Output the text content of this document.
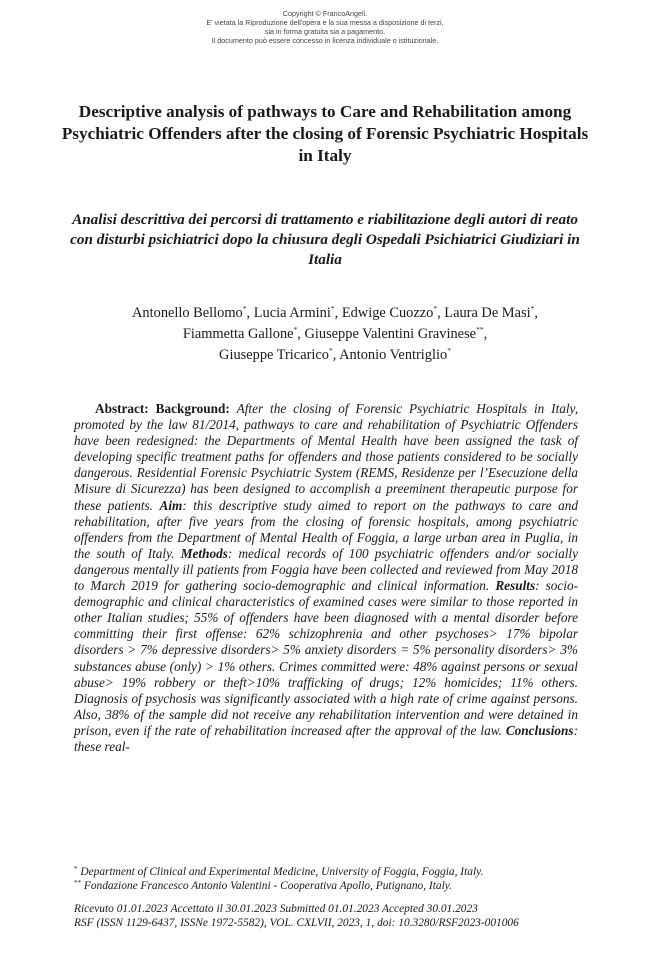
Copyright © FrancoAngeli.
E' vietata la Riproduzione dell'opera e la sua messa a disposizione di terzi,
sia in forma gratuita sia a pagamento.
Il documento può essere concesso in licenza individuale o istituzionale.
Descriptive analysis of pathways to Care and Rehabilitation among Psychiatric Offenders after the closing of Forensic Psychiatric Hospitals in Italy
Analisi descrittiva dei percorsi di trattamento e riabilitazione degli autori di reato con disturbi psichiatrici dopo la chiusura degli Ospedali Psichiatrici Giudiziari in Italia
Antonello Bellomo*, Lucia Armini*, Edwige Cuozzo*, Laura De Masi*,
Fiammetta Gallone*, Giuseppe Valentini Gravinese**,
Giuseppe Tricarico*, Antonio Ventriglio*

Abstract: Background: After the closing of Forensic Psychiatric Hospitals in Italy, promoted by the law 81/2014, pathways to care and rehabilitation of Psychiatric Offenders have been redesigned: the Departments of Mental Health have been assigned the task of developing specific treatment paths for offenders and those patients considered to be socially dangerous. Residential Forensic Psychiatric System (REMS, Residenze per l’Esecuzione della Misure di Sicurezza) has been designed to accomplish a preeminent therapeutic purpose for these patients. Aim: this descriptive study aimed to report on the pathways to care and rehabilitation, after five years from the closing of forensic hospitals, among psychiatric offenders from the Department of Mental Health of Foggia, a large urban area in Puglia, in the south of Italy. Methods: medical records of 100 psychiatric offenders and/or socially dangerous mentally ill patients from Foggia have been collected and reviewed from May 2018 to March 2019 for gathering socio-demographic and clinical information. Results: socio-demographic and clinical characteristics of examined cases were similar to those reported in other Italian studies; 55% of offenders have been diagnosed with a mental disorder before committing their first offense: 62% schizophrenia and other psychoses> 17% bipolar disorders > 7% depressive disorders> 5% anxiety disorders = 5% personality disorders> 3% substances abuse (only) > 1% others. Crimes committed were: 48% against persons or sexual abuse> 19% robbery or theft>10% trafficking of drugs; 12% homicides; 11% others. Diagnosis of psychosis was significantly associated with a high rate of crime against persons. Also, 38% of the sample did not receive any rehabilitation intervention and were detained in prison, even if the rate of rehabilitation increased after the approval of the law. Conclusions: these real-

* Department of Clinical and Experimental Medicine, University of Foggia, Foggia, Italy.
** Fondazione Francesco Antonio Valentini - Cooperativa Apollo, Putignano, Italy.
Ricevuto 01.01.2023 Accettato il 30.01.2023 Submitted 01.01.2023 Accepted 30.01.2023
RSF (ISSN 1129-6437, ISSNe 1972-5582), VOL. CXLVII, 2023, 1, doi: 10.3280/RSF2023-001006
